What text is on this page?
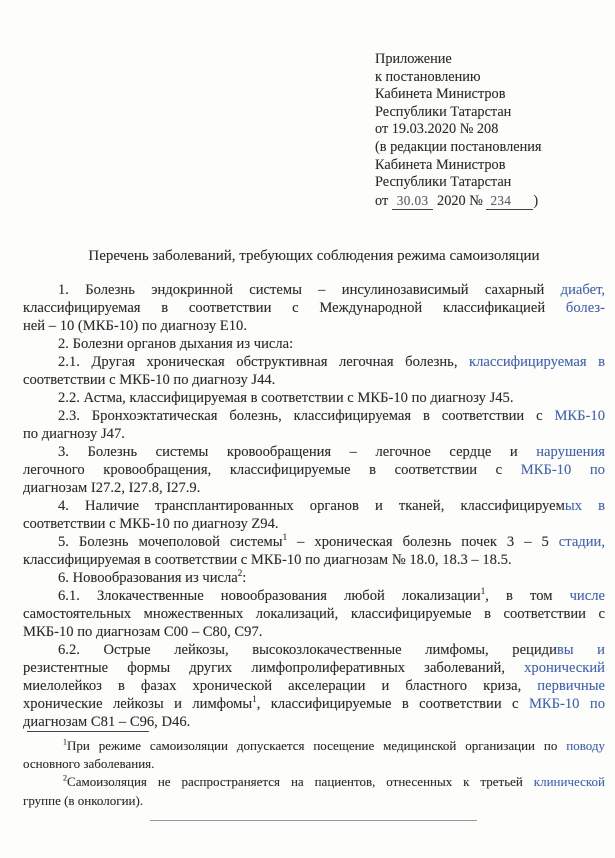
Приложение
к постановлению
Кабинета Министров
Республики Татарстан
от 19.03.2020 № 208
(в редакции постановления
Кабинета Министров
Республики Татарстан
от 30.03 2020 № 234 )
Перечень заболеваний, требующих соблюдения режима самоизоляции
1. Болезнь эндокринной системы – инсулинозависимый сахарный диабет,
классифицируемая в соответствии с Международной классификацией болез-
ней – 10 (МКБ-10) по диагнозу E10.
2. Болезни органов дыхания из числа:
2.1. Другая хроническая обструктивная легочная болезнь, классифицируемая в
соответствии с МКБ-10 по диагнозу J44.
2.2. Астма, классифицируемая в соответствии с МКБ-10 по диагнозу J45.
2.3. Бронхоэктатическая болезнь, классифицируемая в соответствии с МКБ-10
по диагнозу J47.
3. Болезнь системы кровообращения – легочное сердце и нарушения
легочного кровообращения, классифицируемые в соответствии с МКБ-10 по
диагнозам I27.2, I27.8, I27.9.
4. Наличие трансплантированных органов и тканей, классифицируемых в
соответствии с МКБ-10 по диагнозу Z94.
5. Болезнь мочеполовой системы$^1$ – хроническая болезнь почек 3 – 5 стадии,
классифицируемая в соответствии с МКБ-10 по диагнозам № 18.0, 18.3 – 18.5.
6. Новообразования из числа$^2$:
6.1. Злокачественные новообразования любой локализации$^1$, в том числе
самостоятельных множественных локализаций, классифицируемые в соответствии с
МКБ-10 по диагнозам C00 – C80, C97.
6.2. Острые лейкозы, высокозлокачественные лимфомы, рецидивы и
резистентные формы других лимфопролиферативных заболеваний, хронический
миелолейкоз в фазах хронической акселерации и бластного криза, первичные
хронические лейкозы и лимфомы$^1$, классифицируемые в соответствии с МКБ-10 по
диагнозам C81 – C96, D46.
$^1$При режиме самоизоляции допускается посещение медицинской организации по поводу
основного заболевания.
$^2$Самоизоляция не распространяется на пациентов, отнесенных к третьей клинической
группе (в онкологии).
